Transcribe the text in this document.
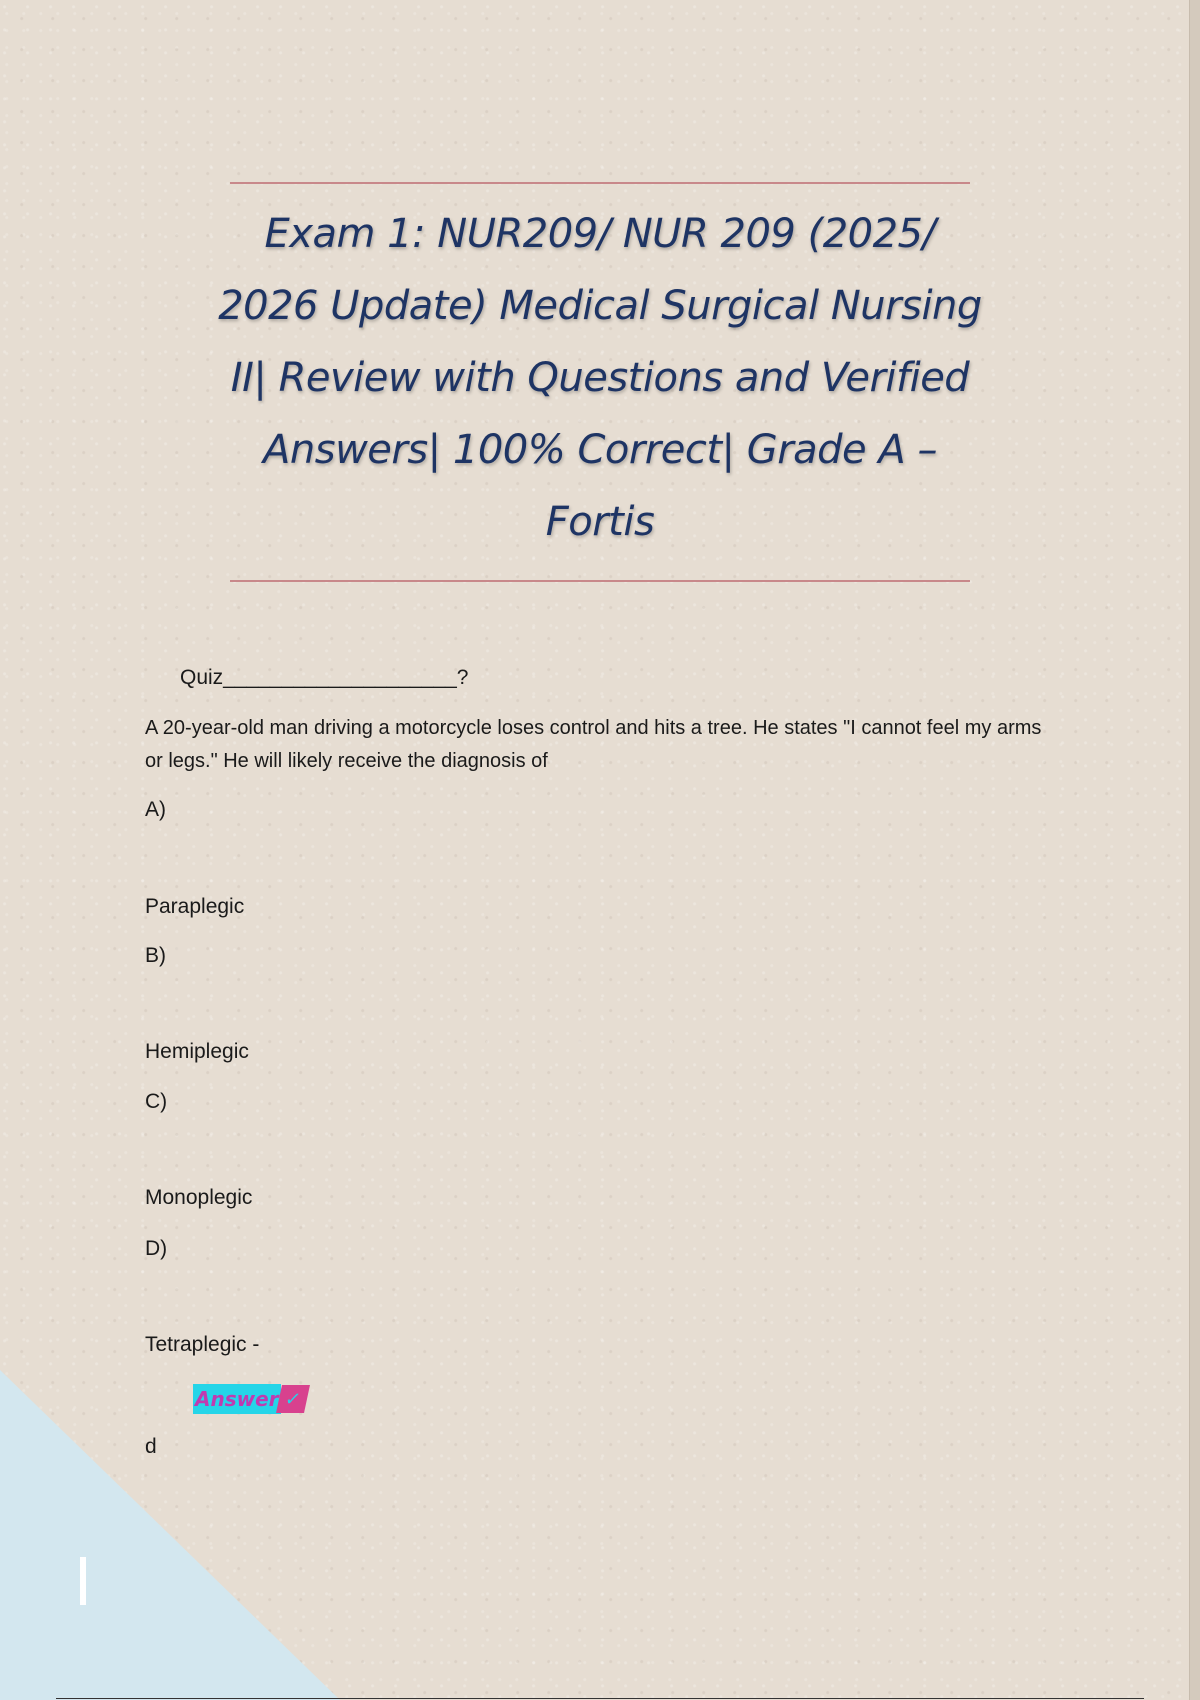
Exam 1: NUR209/ NUR 209 (2025/ 2026 Update) Medical Surgical Nursing II| Review with Questions and Verified Answers| 100% Correct| Grade A – Fortis
Quiz____________________?

A 20-year-old man driving a motorcycle loses control and hits a tree. He states "I cannot feel my arms or legs." He will likely receive the diagnosis of

A)

Paraplegic

B)

Hemiplegic

C)

Monoplegic

D)

Tetraplegic -

Answer ✓

d
